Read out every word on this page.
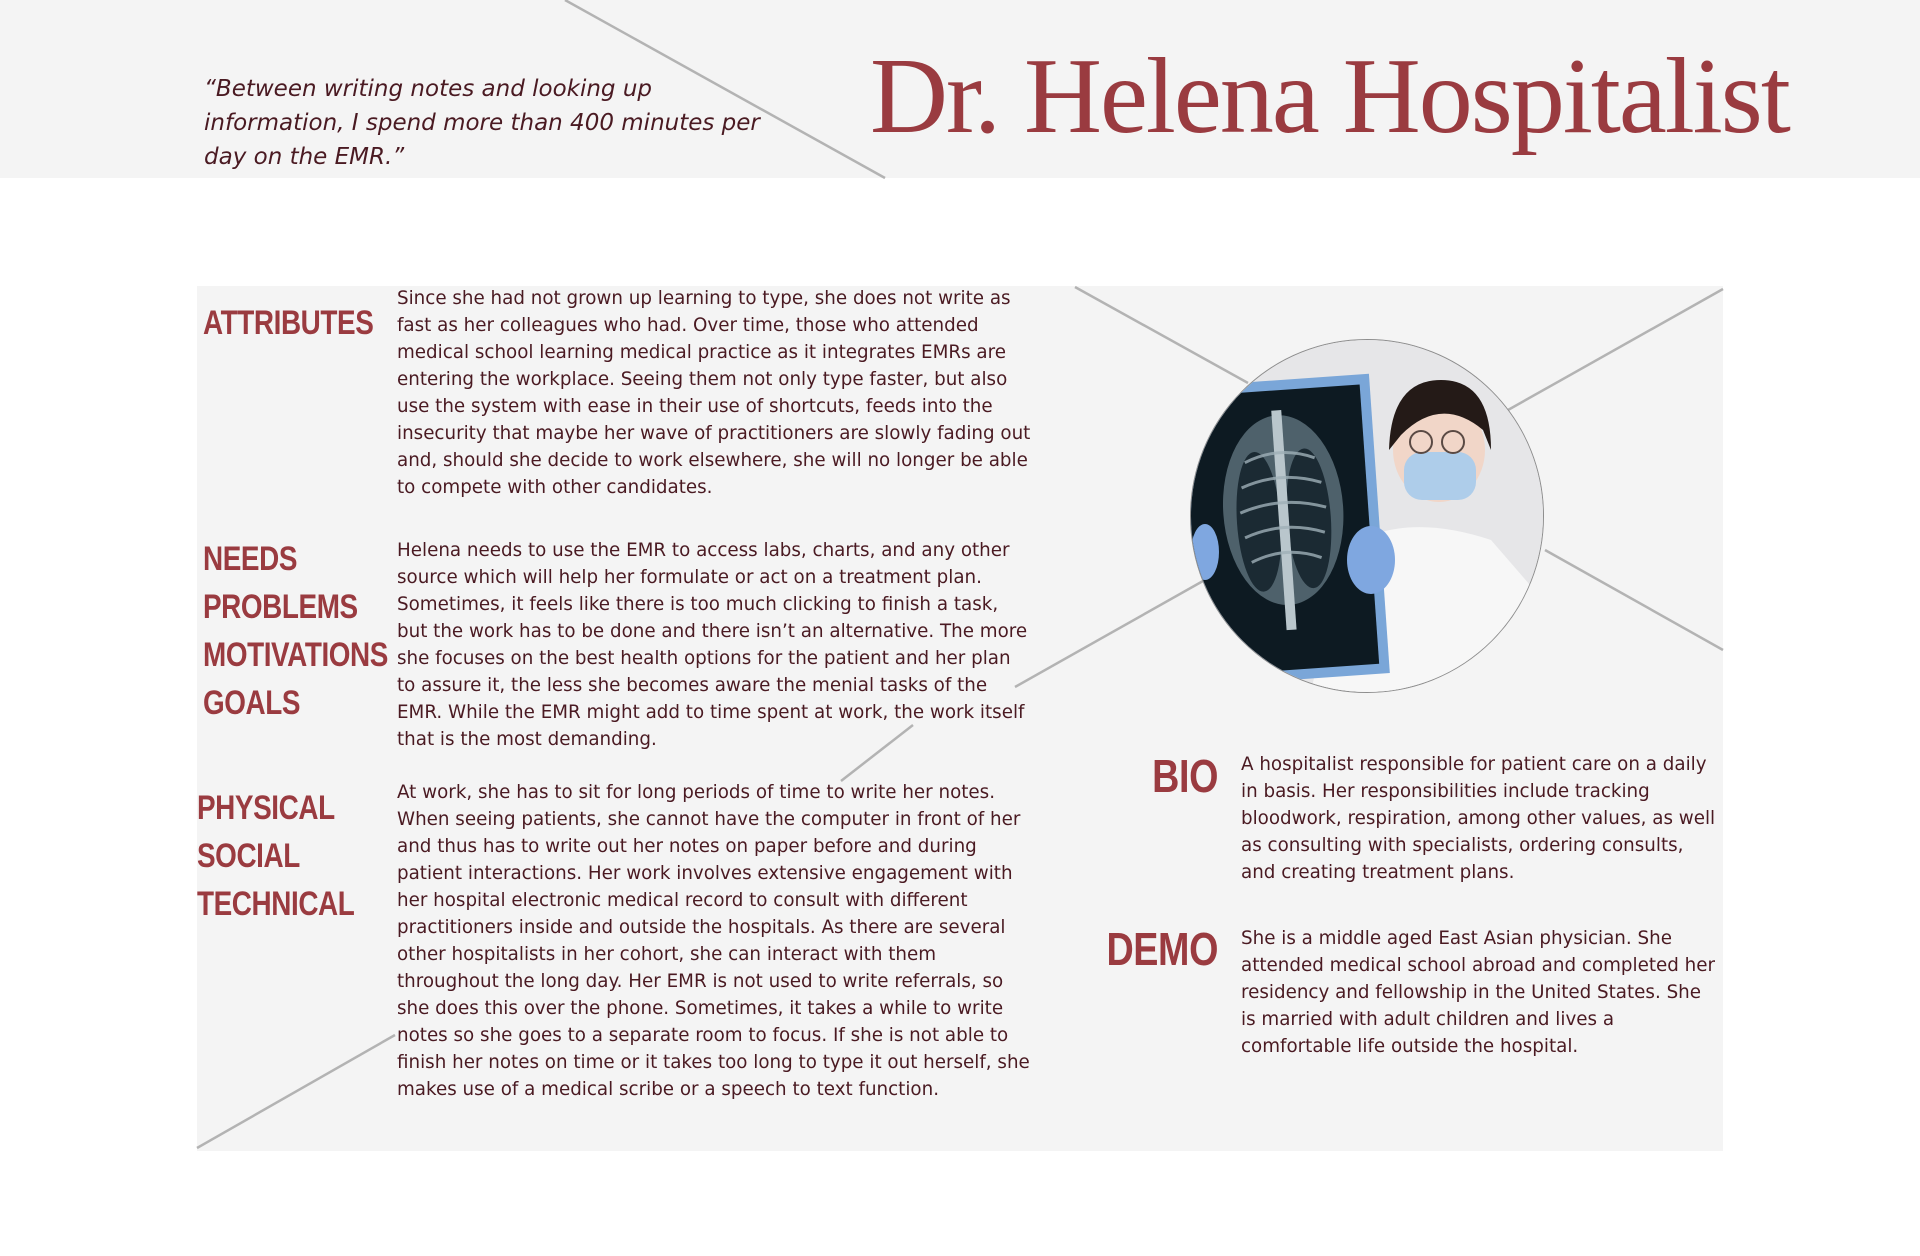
“Between writing notes and looking up information, I spend more than 400 minutes per day on the EMR.”
Dr. Helena Hospitalist
ATTRIBUTES
Since she had not grown up learning to type, she does not write as fast as her colleagues who had. Over time, those who attended medical school learning medical practice as it integrates EMRs are entering the workplace. Seeing them not only type faster, but also use the system with ease in their use of shortcuts, feeds into the insecurity that maybe her wave of practitioners are slowly fading out and, should she decide to work elsewhere, she will no longer be able to compete with other candidates.
NEEDS
PROBLEMS
MOTIVATIONS
GOALS
Helena needs to use the EMR to access labs, charts, and any other source which will help her formulate or act on a treatment plan. Sometimes, it feels like there is too much clicking to finish a task, but the work has to be done and there isn’t an alternative. The more she focuses on the best health options for the patient and her plan to assure it, the less she becomes aware the menial tasks of the EMR. While the EMR might add to time spent at work, the work itself that is the most demanding.
PHYSICAL
SOCIAL
TECHNICAL
At work, she has to sit for long periods of time to write her notes. When seeing patients, she cannot have the computer in front of her and thus has to write out her notes on paper before and during patient interactions. Her work involves extensive engagement with her hospital electronic medical record to consult with different practitioners inside and outside the hospitals. As there are several other hospitalists in her cohort, she can interact with them throughout the long day. Her EMR is not used to write referrals, so she does this over the phone. Sometimes, it takes a while to write notes so she goes to a separate room to focus. If she is not able to finish her notes on time or it takes too long to type it out herself, she makes use of a medical scribe or a speech to text function.
BIO A hospitalist responsible for patient care on a daily in basis. Her responsibilities include tracking bloodwork, respiration, among other values, as well as consulting with specialists, ordering consults, and creating treatment plans.
DEMO She is a middle aged East Asian physician. She attended medical school abroad and completed her residency and fellowship in the United States. She is married with adult children and lives a comfortable life outside the hospital.
